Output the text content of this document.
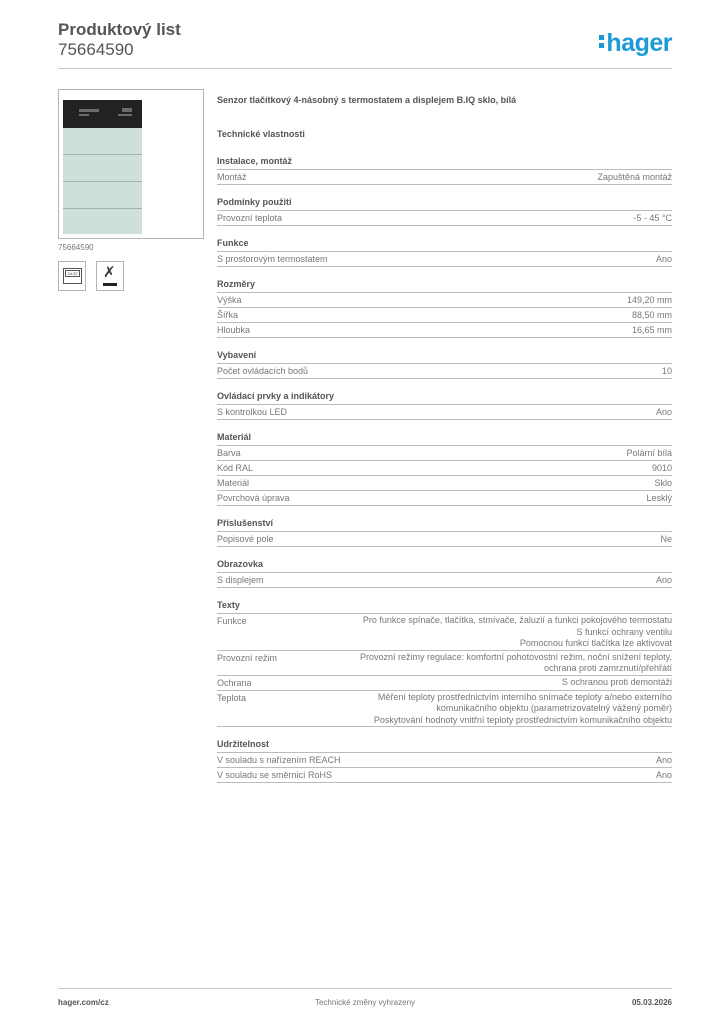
Produktový list
75664590	hager
75664590
24.22 ✗
Senzor tlačítkový 4-násobný s termostatem a displejem B.IQ sklo, bílá
Technické vlastnosti
Instalace, montáž
Montáž	Zapuštěná montáž
Podmínky použití
Provozní teplota	-5 - 45 °C
Funkce
S prostorovým termostatem	Ano
Rozměry
Výška	149,20 mm
Šířka	88,50 mm
Hloubka	16,65 mm
Vybavení
Počet ovládacích bodů	10
Ovládací prvky a indikátory
S kontrolkou LED	Ano
Materiál
Barva	Polární bílá
Kód RAL	9010
Materiál	Sklo
Povrchová úprava	Lesklý
Příslušenství
Popisové pole	Ne
Obrazovka
S displejem	Ano
Texty
Funkce	Pro funkce spínače, tlačítka, stmívače, žaluzií a funkci pokojového termostatu
S funkcí ochrany ventilu
Pomocnou funkci tlačítka lze aktivovat
Provozní režim	Provozní režimy regulace: komfortní pohotovostní režim, noční snížení teploty,
ochrana proti zamrznutí/přehřátí
Ochrana	S ochranou proti demontáži
Teplota	Měření teploty prostřednictvím interního snímače teploty a/nebo externího
komunikačního objektu (parametrizovatelný vážený poměr)
Poskytování hodnoty vnitřní teploty prostřednictvím komunikačního objektu
Udržitelnost
V souladu s nařízením REACH	Ano
V souladu se směrnicí RoHS	Ano
Technické změny vyhrazeny
hager.com/cz	05.03.2026
